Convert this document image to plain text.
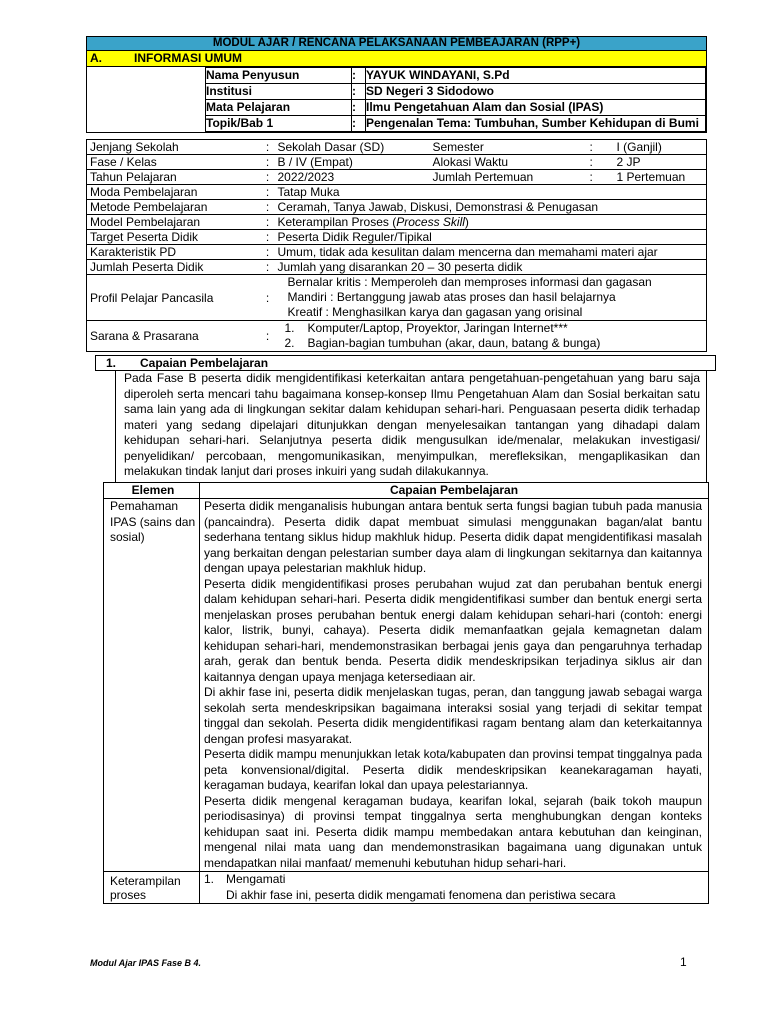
MODUL AJAR / RENCANA PELAKSANAAN PEMBEAJARAN (RPP+)
A.	INFORMASI UMUM

Nama Penyusun	:	YAYUK WINDAYANI, S.Pd
Institusi	:	SD Negeri 3 Sidodowo
Mata Pelajaran	:	Ilmu Pengetahuan Alam dan Sosial (IPAS)
Topik/Bab 1	:	Pengenalan Tema: Tumbuhan, Sumber Kehidupan di Bumi
Jenjang Sekolah	:	Sekolah Dasar (SD)	Semester	:	I (Ganjil)

Fase / Kelas	:	B / IV (Empat)	Alokasi Waktu	:	2 JP

Tahun Pelajaran	:	2022/2023	Jumlah Pertemuan	:	1 Pertemuan

Moda Pembelajaran	:	Tatap Muka
Metode Pembelajaran	:	Ceramah, Tanya Jawab, Diskusi, Demonstrasi & Penugasan
Model Pembelajaran	:	Keterampilan Proses (Process Skill)
Target Peserta Didik	:	Peserta Didik Reguler/Tipikal
Karakteristik PD	:	Umum, tidak ada kesulitan dalam mencerna dan memahami materi ajar
Jumlah Peserta Didik	:	Jumlah yang disarankan 20 – 30 peserta didik
Profil Pelajar Pancasila	:	
Bernalar kritis : Memperoleh dan memproses informasi dan gagasan
Mandiri : Bertanggung jawab atas proses dan hasil belajarnya
Kreatif : Menghasilkan karya dan gagasan yang orisinal

Sarana & Prasarana	:	
1. Komputer/Laptop, Proyektor, Jaringan Internet***
2. Bagian-bagian tumbuhan (akar, daun, batang & bunga)
1. Capaian Pembelajaran
Pada Fase B peserta didik mengidentifikasi keterkaitan antara pengetahuan-pengetahuan yang baru saja diperoleh serta mencari tahu bagaimana konsep-konsep Ilmu Pengetahuan Alam dan Sosial berkaitan satu sama lain yang ada di lingkungan sekitar dalam kehidupan sehari-hari. Penguasaan peserta didik terhadap materi yang sedang dipelajari ditunjukkan dengan menyelesaikan tantangan yang dihadapi dalam kehidupan sehari-hari. Selanjutnya peserta didik mengusulkan ide/menalar, melakukan investigasi/ penyelidikan/ percobaan, mengomunikasikan, menyimpulkan, merefleksikan, mengaplikasikan dan melakukan tindak lanjut dari proses inkuiri yang sudah dilakukannya.
Elemen	Capaian Pembelajaran
Pemahaman IPAS (sains dan sosial)	Peserta didik menganalisis hubungan antara bentuk serta fungsi bagian tubuh pada manusia (pancaindra). Peserta didik dapat membuat simulasi menggunakan bagan/alat bantu sederhana tentang siklus hidup makhluk hidup. Peserta didik dapat mengidentifikasi masalah yang berkaitan dengan pelestarian sumber daya alam di lingkungan sekitarnya dan kaitannya dengan upaya pelestarian makhluk hidup.
Peserta didik mengidentifikasi proses perubahan wujud zat dan perubahan bentuk energi dalam kehidupan sehari-hari. Peserta didik mengidentifikasi sumber dan bentuk energi serta menjelaskan proses perubahan bentuk energi dalam kehidupan sehari-hari (contoh: energi kalor, listrik, bunyi, cahaya). Peserta didik memanfaatkan gejala kemagnetan dalam kehidupan sehari-hari, mendemonstrasikan berbagai jenis gaya dan pengaruhnya terhadap arah, gerak dan bentuk benda. Peserta didik mendeskripsikan terjadinya siklus air dan kaitannya dengan upaya menjaga ketersediaan air.
Di akhir fase ini, peserta didik menjelaskan tugas, peran, dan tanggung jawab sebagai warga sekolah serta mendeskripsikan bagaimana interaksi sosial yang terjadi di sekitar tempat tinggal dan sekolah. Peserta didik mengidentifikasi ragam bentang alam dan keterkaitannya dengan profesi masyarakat.
Peserta didik mampu menunjukkan letak kota/kabupaten dan provinsi tempat tinggalnya pada peta konvensional/digital. Peserta didik mendeskripsikan keanekaragaman hayati, keragaman budaya, kearifan lokal dan upaya pelestariannya.
Peserta didik mengenal keragaman budaya, kearifan lokal, sejarah (baik tokoh maupun periodisasinya) di provinsi tempat tinggalnya serta menghubungkan dengan konteks kehidupan saat ini. Peserta didik mampu membedakan antara kebutuhan dan keinginan, mengenal nilai mata uang dan mendemonstrasikan bagaimana uang digunakan untuk mendapatkan nilai manfaat/ memenuhi kebutuhan hidup sehari-hari.

Keterampilan proses	1. Mengamati
Di akhir fase ini, peserta didik mengamati fenomena dan peristiwa secara
Modul Ajar IPAS Fase B 4.	1
